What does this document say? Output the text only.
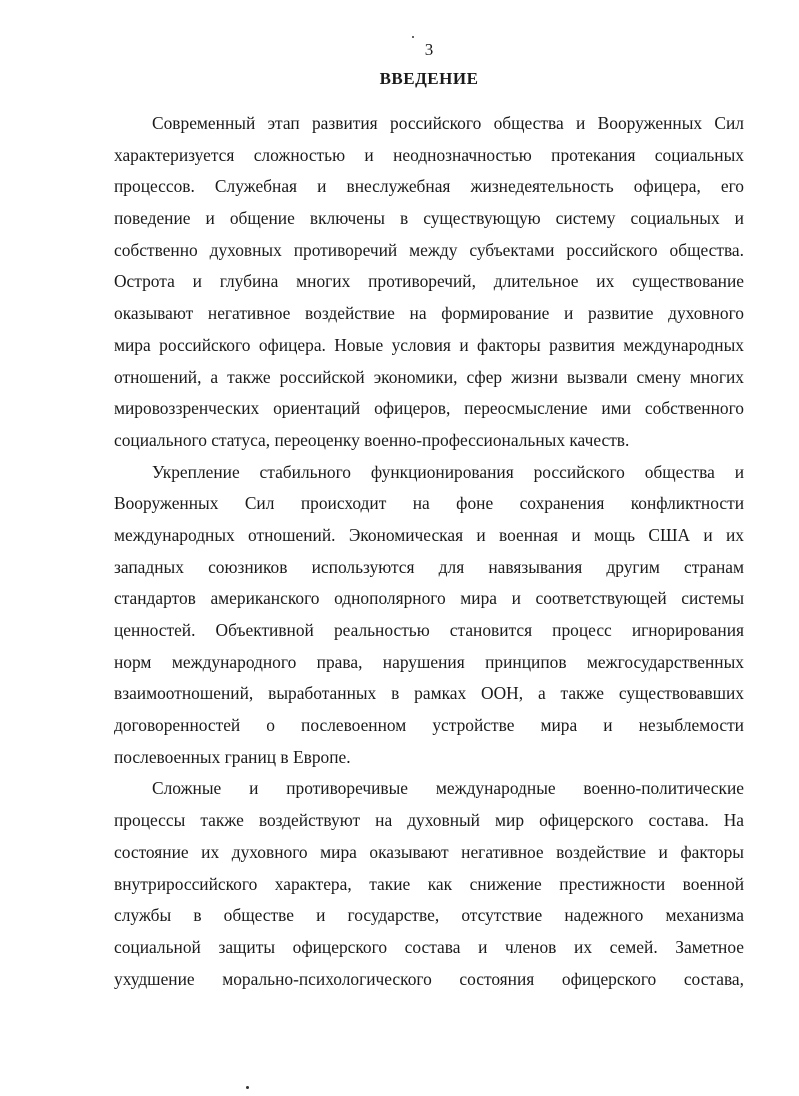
3
ВВЕДЕНИЕ
Современный этап развития российского общества и Вооруженных Сил
характеризуется сложностью и неоднозначностью протекания социальных
процессов. Служебная и внеслужебная жизнедеятельность офицера, его
поведение и общение включены в существующую систему социальных и
собственно духовных противоречий между субъектами российского общества.
Острота и глубина многих противоречий, длительное их существование
оказывают негативное воздействие на формирование и развитие духовного
мира российского офицера. Новые условия и факторы развития международных
отношений, а также российской экономики, сфер жизни вызвали смену многих
мировоззренческих ориентаций офицеров, переосмысление ими собственного
социального статуса, переоценку военно-профессиональных качеств.
Укрепление стабильного функционирования российского общества и
Вооруженных Сил происходит на фоне сохранения конфликтности
международных отношений. Экономическая и военная и мощь США и их
западных союзников используются для навязывания другим странам
стандартов американского однополярного мира и соответствующей системы
ценностей. Объективной реальностью становится процесс игнорирования
норм международного права, нарушения принципов межгосударственных
взаимоотношений, выработанных в рамках ООН, а также существовавших
договоренностей о послевоенном устройстве мира и незыблемости
послевоенных границ в Европе.
Сложные и противоречивые международные военно-политические
процессы также воздействуют на духовный мир офицерского состава. На
состояние их духовного мира оказывают негативное воздействие и факторы
внутрироссийского характера, такие как снижение престижности военной
службы в обществе и государстве, отсутствие надежного механизма
социальной защиты офицерского состава и членов их семей. Заметное
ухудшение морально-психологического состояния офицерского состава,
